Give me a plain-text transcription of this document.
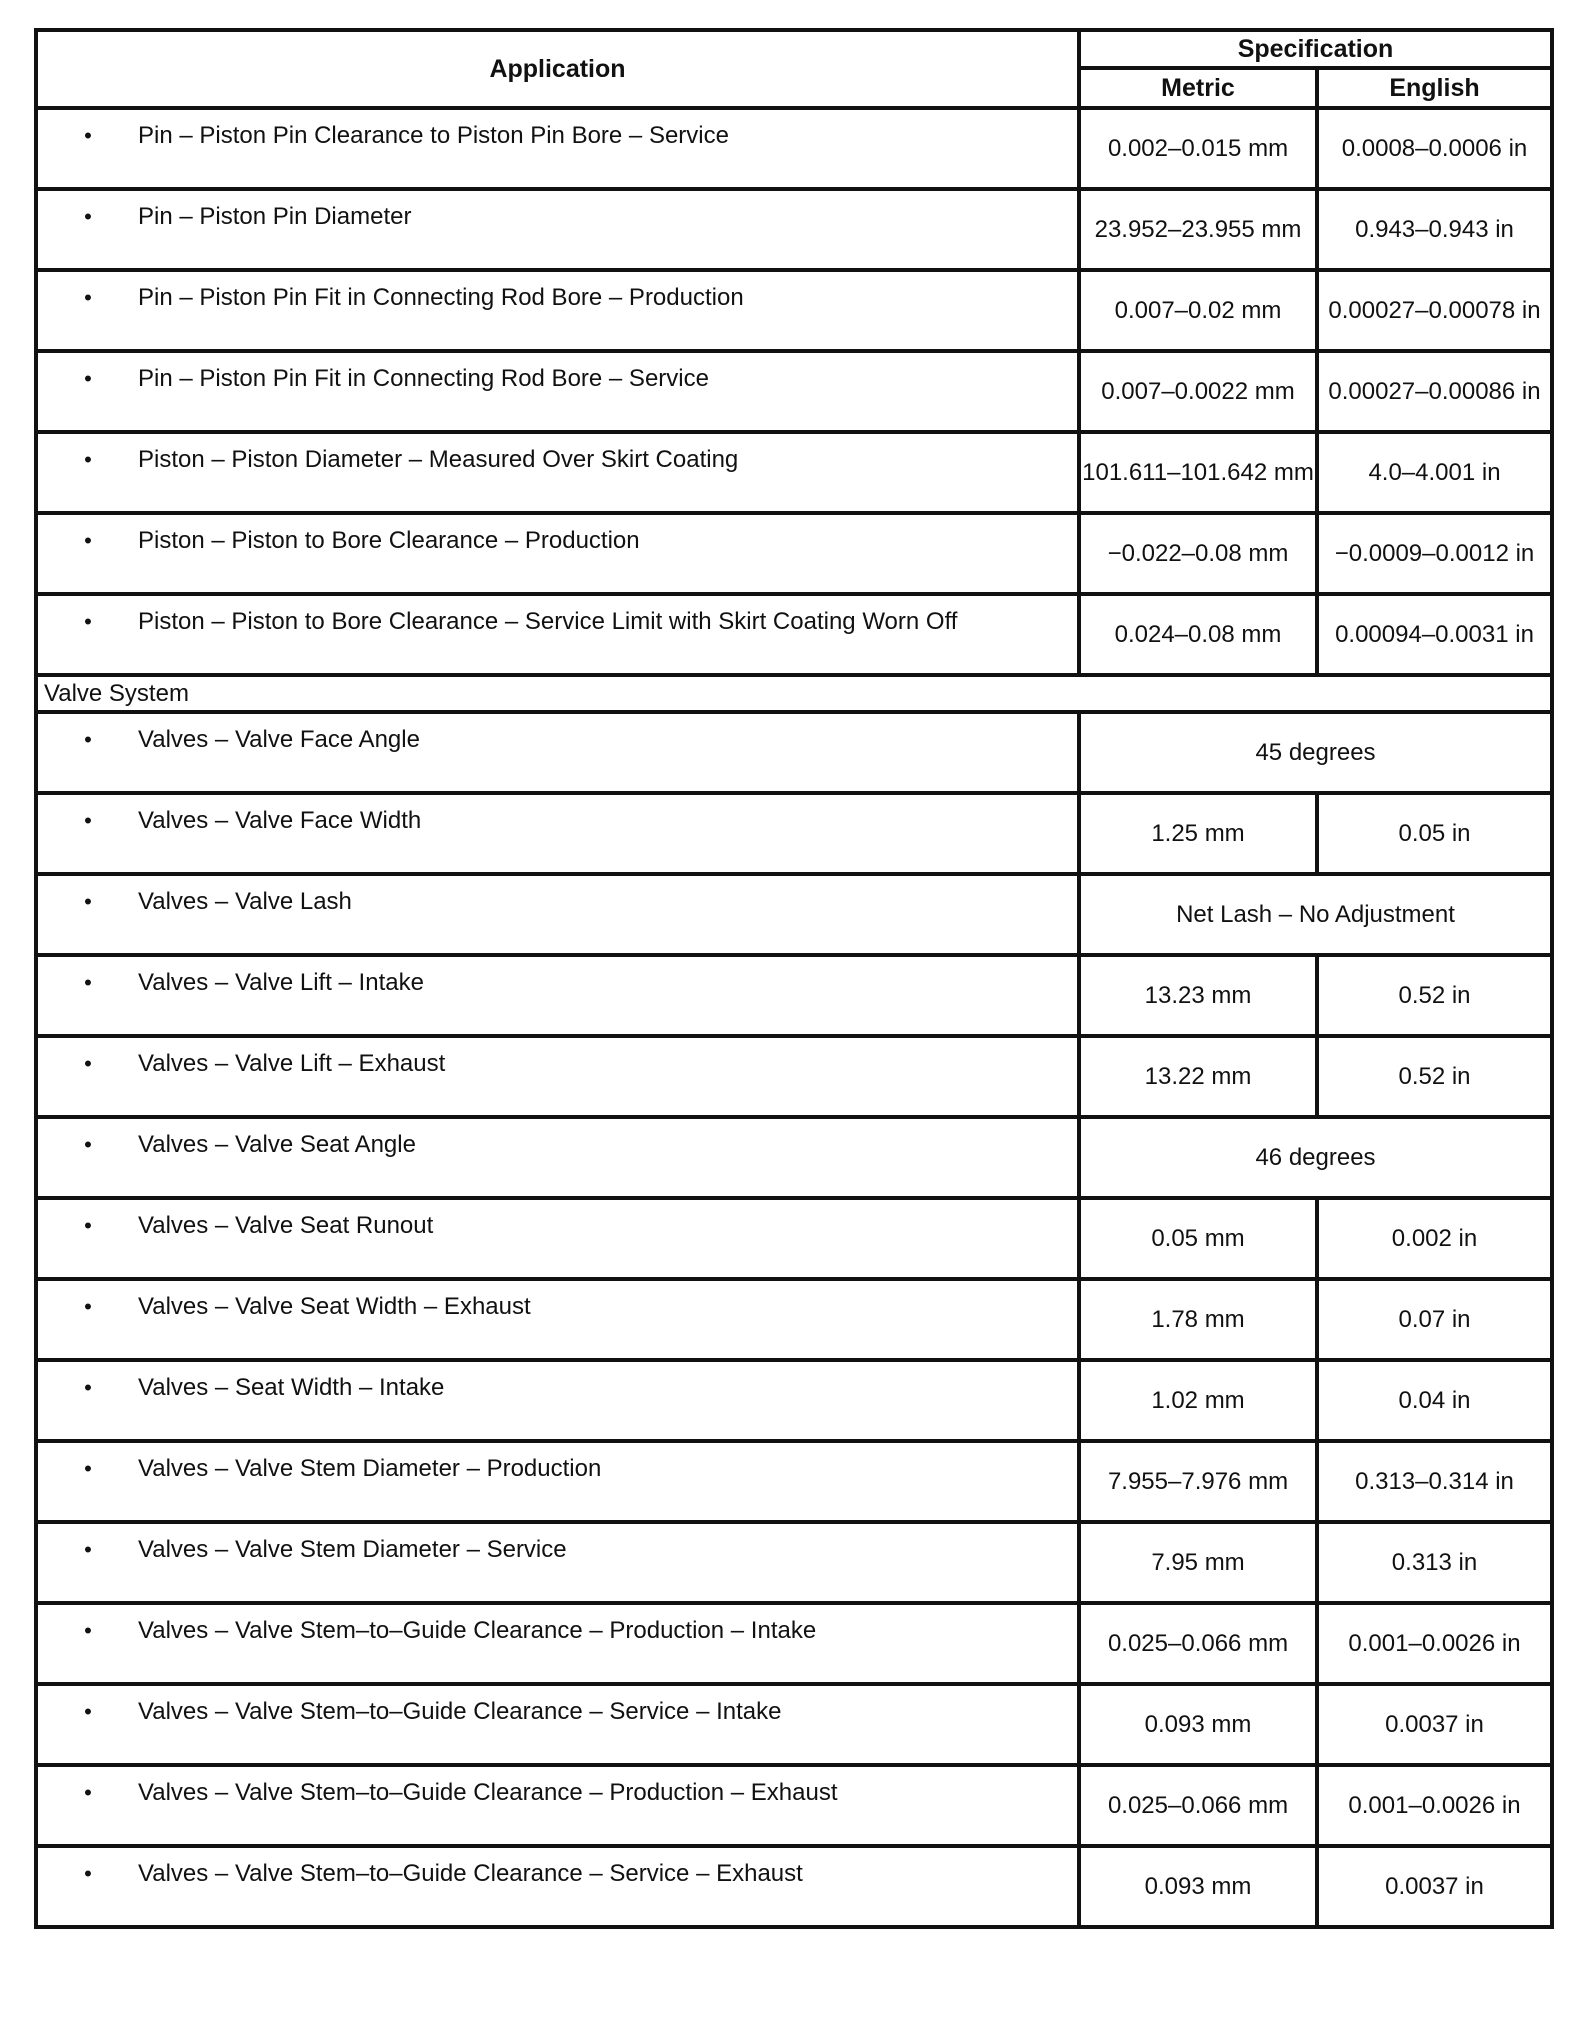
Application	Specification	
	Metric	English

• Pin – Piston Pin Clearance to Piston Pin Bore – Service	0.002–0.015 mm	0.0008–0.0006 in

• Pin – Piston Pin Diameter	23.952–23.955 mm	0.943–0.943 in

• Pin – Piston Pin Fit in Connecting Rod Bore – Production	0.007–0.02 mm	0.00027–0.00078 in

• Pin – Piston Pin Fit in Connecting Rod Bore – Service	0.007–0.0022 mm	0.00027–0.00086 in

• Piston – Piston Diameter – Measured Over Skirt Coating	101.611–101.642 mm	4.0–4.001 in

• Piston – Piston to Bore Clearance – Production	−0.022–0.08 mm	−0.0009–0.0012 in

• Piston – Piston to Bore Clearance – Service Limit with Skirt Coating Worn Off	0.024–0.08 mm	0.00094–0.0031 in
Valve System		

• Valves – Valve Face Angle	45 degrees	

• Valves – Valve Face Width	1.25 mm	0.05 in

• Valves – Valve Lash	Net Lash – No Adjustment	

• Valves – Valve Lift – Intake	13.23 mm	0.52 in

• Valves – Valve Lift – Exhaust	13.22 mm	0.52 in

• Valves – Valve Seat Angle	46 degrees	

• Valves – Valve Seat Runout	0.05 mm	0.002 in

• Valves – Valve Seat Width – Exhaust	1.78 mm	0.07 in

• Valves – Seat Width – Intake	1.02 mm	0.04 in

• Valves – Valve Stem Diameter – Production	7.955–7.976 mm	0.313–0.314 in

• Valves – Valve Stem Diameter – Service	7.95 mm	0.313 in

• Valves – Valve Stem–to–Guide Clearance – Production – Intake	0.025–0.066 mm	0.001–0.0026 in

• Valves – Valve Stem–to–Guide Clearance – Service – Intake	0.093 mm	0.0037 in

• Valves – Valve Stem–to–Guide Clearance – Production – Exhaust	0.025–0.066 mm	0.001–0.0026 in

• Valves – Valve Stem–to–Guide Clearance – Service – Exhaust	0.093 mm	0.0037 in
